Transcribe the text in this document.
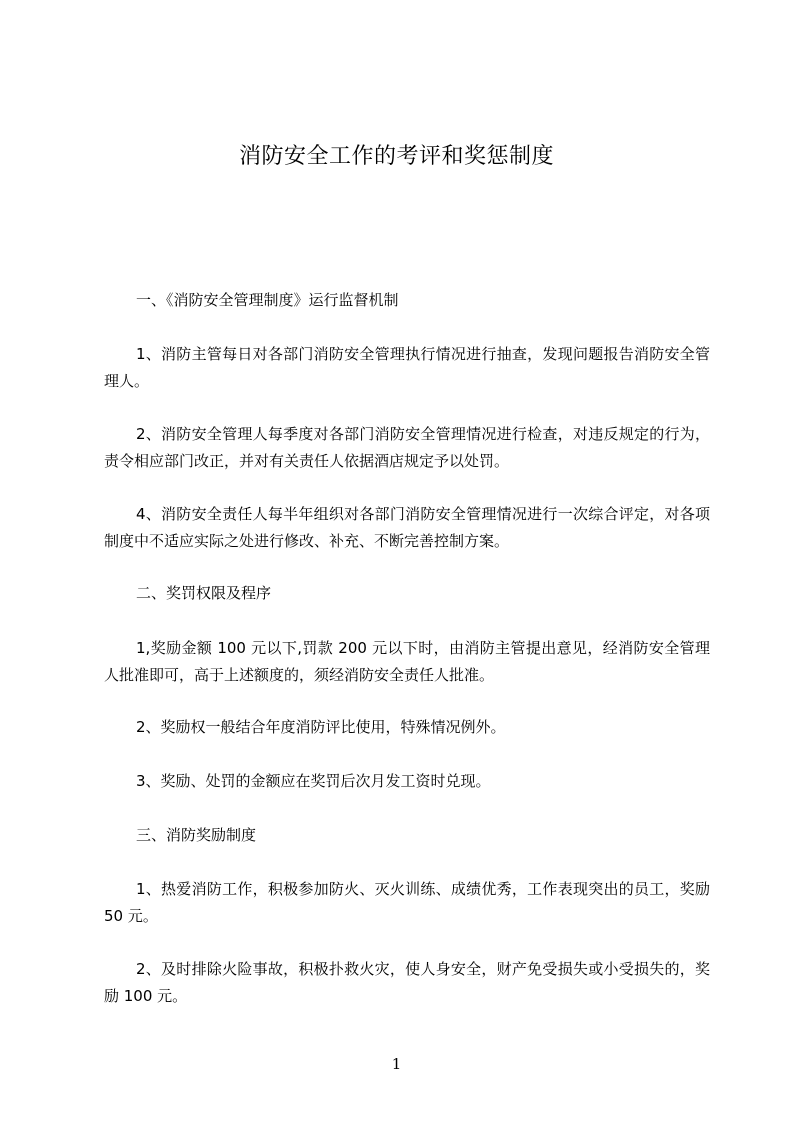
消防安全工作的考评和奖惩制度
一、《消防安全管理制度》运行监督机制
1、消防主管每日对各部门消防安全管理执行情况进行抽查，发现问题报告消防安全管理人。
2、消防安全管理人每季度对各部门消防安全管理情况进行检查，对违反规定的行为，责令相应部门改正，并对有关责任人依据酒店规定予以处罚。
4、消防安全责任人每半年组织对各部门消防安全管理情况进行一次综合评定，对各项制度中不适应实际之处进行修改、补充、不断完善控制方案。
二、奖罚权限及程序
1,奖励金额 100 元以下,罚款 200 元以下时，由消防主管提出意见，经消防安全管理人批准即可，高于上述额度的，须经消防安全责任人批准。
2、奖励权一般结合年度消防评比使用，特殊情况例外。
3、奖励、处罚的金额应在奖罚后次月发工资时兑现。
三、消防奖励制度
1、热爱消防工作，积极参加防火、灭火训练、成绩优秀，工作表现突出的员工，奖励 50 元。
2、及时排除火险事故，积极扑救火灾，使人身安全，财产免受损失或小受损失的，奖励 100 元。
1
